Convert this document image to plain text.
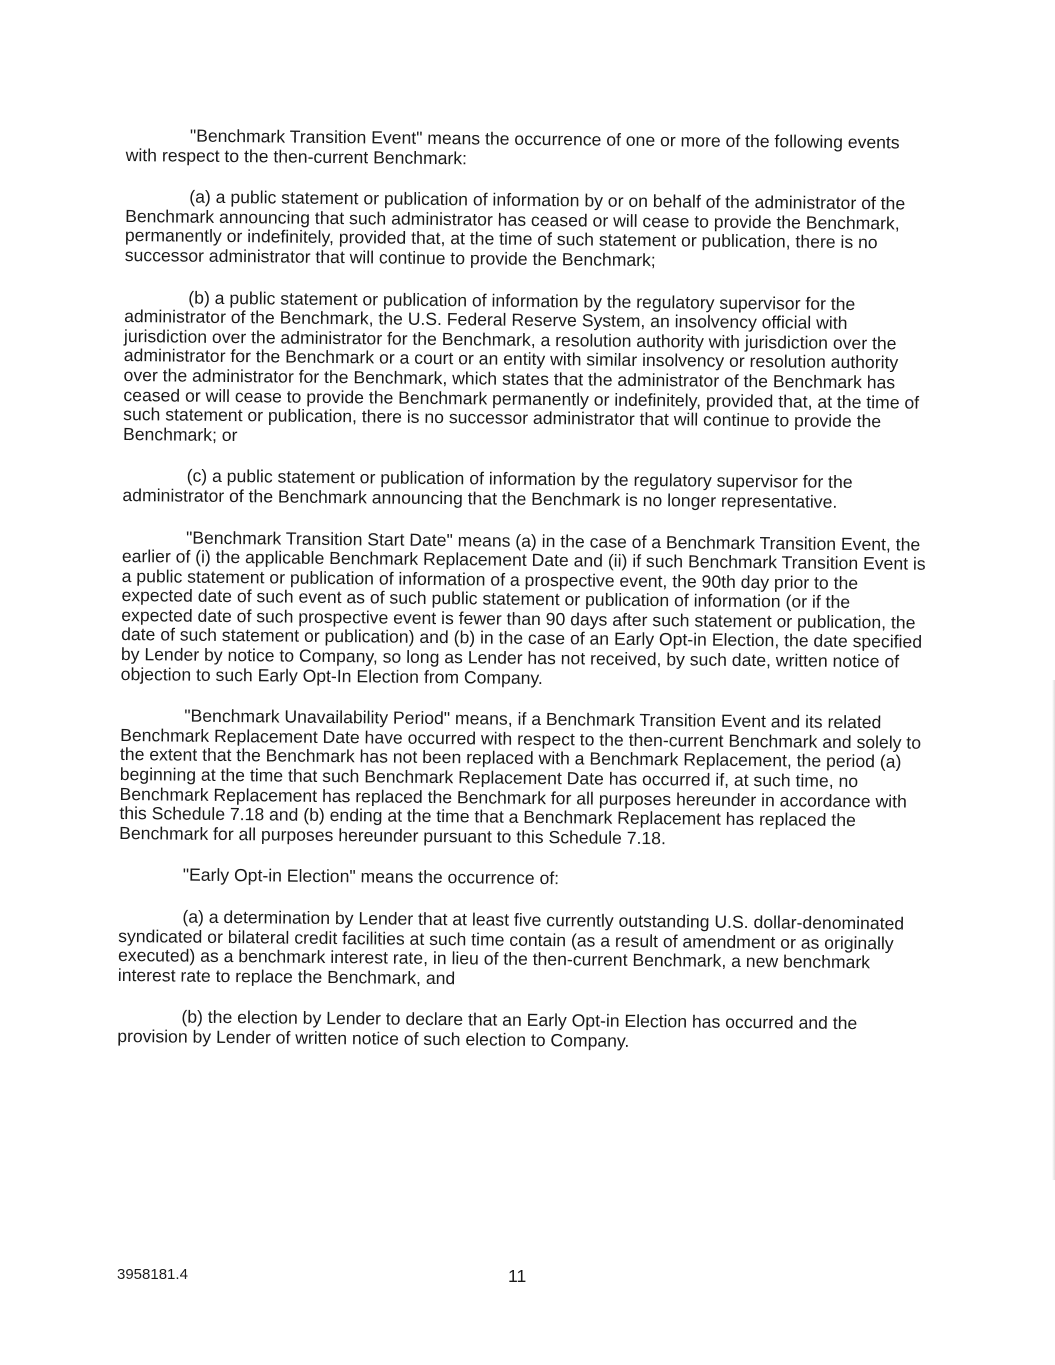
"Benchmark Transition Event" means the occurrence of one or more of the following events with respect to the then-current Benchmark:

(a) a public statement or publication of information by or on behalf of the administrator of the Benchmark announcing that such administrator has ceased or will cease to provide the Benchmark, permanently or indefinitely, provided that, at the time of such statement or publication, there is no successor administrator that will continue to provide the Benchmark;

(b) a public statement or publication of information by the regulatory supervisor for the administrator of the Benchmark, the U.S. Federal Reserve System, an insolvency official with jurisdiction over the administrator for the Benchmark, a resolution authority with jurisdiction over the administrator for the Benchmark or a court or an entity with similar insolvency or resolution authority over the administrator for the Benchmark, which states that the administrator of the Benchmark has ceased or will cease to provide the Benchmark permanently or indefinitely, provided that, at the time of such statement or publication, there is no successor administrator that will continue to provide the Benchmark; or

(c) a public statement or publication of information by the regulatory supervisor for the administrator of the Benchmark announcing that the Benchmark is no longer representative.

"Benchmark Transition Start Date" means (a) in the case of a Benchmark Transition Event, the earlier of (i) the applicable Benchmark Replacement Date and (ii) if such Benchmark Transition Event is a public statement or publication of information of a prospective event, the 90th day prior to the expected date of such event as of such public statement or publication of information (or if the expected date of such prospective event is fewer than 90 days after such statement or publication, the date of such statement or publication) and (b) in the case of an Early Opt-in Election, the date specified by Lender by notice to Company, so long as Lender has not received, by such date, written notice of objection to such Early Opt-In Election from Company.

"Benchmark Unavailability Period" means, if a Benchmark Transition Event and its related Benchmark Replacement Date have occurred with respect to the then-current Benchmark and solely to the extent that the Benchmark has not been replaced with a Benchmark Replacement, the period (a) beginning at the time that such Benchmark Replacement Date has occurred if, at such time, no Benchmark Replacement has replaced the Benchmark for all purposes hereunder in accordance with this Schedule 7.18 and (b) ending at the time that a Benchmark Replacement has replaced the Benchmark for all purposes hereunder pursuant to this Schedule 7.18.

"Early Opt-in Election" means the occurrence of:

(a) a determination by Lender that at least five currently outstanding U.S. dollar-denominated syndicated or bilateral credit facilities at such time contain (as a result of amendment or as originally executed) as a benchmark interest rate, in lieu of the then-current Benchmark, a new benchmark interest rate to replace the Benchmark, and

(b) the election by Lender to declare that an Early Opt-in Election has occurred and the provision by Lender of written notice of such election to Company.

3958181.4	11
